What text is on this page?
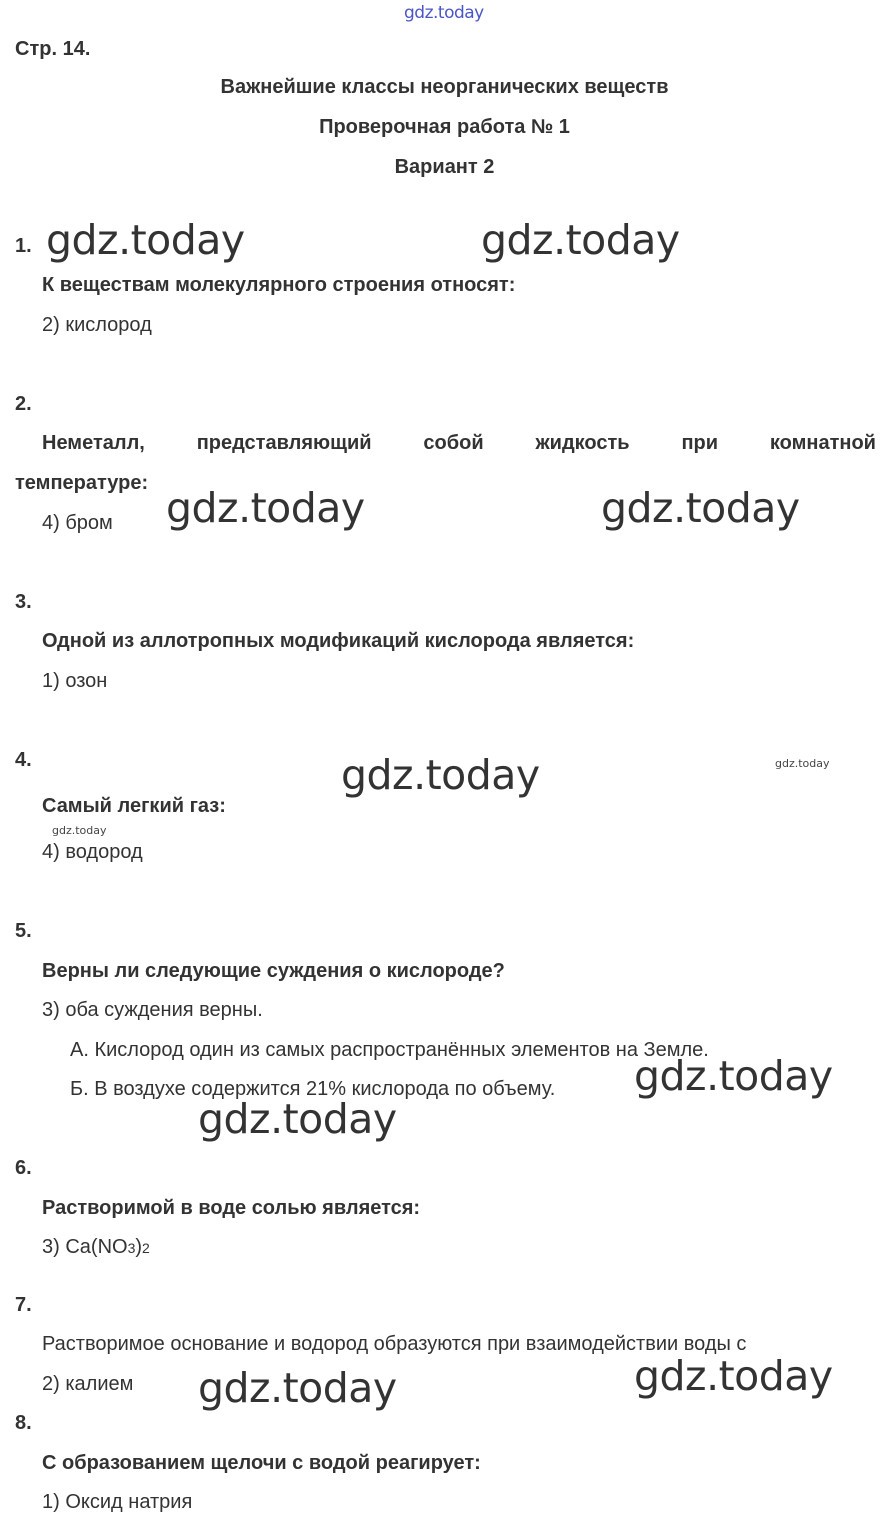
gdz.today
Стр. 14.
Важнейшие классы неорганических веществ
Проверочная работа № 1
Вариант 2
1. gdz.today	gdz.today
К веществам молекулярного строения относят:
2) кислород
2.
Неметалл,	представляющий	собой	жидкость	при	комнатной
температуре:
4) бром gdz.today	gdz.today
3.
Одной из аллотропных модификаций кислорода является:
1) озон
4.	gdz.today	gdz.today
Самый легкий газ:
gdz.today
4) водород
5.
Верны ли следующие суждения о кислороде?
3) оба суждения верны.
А. Кислород один из самых распространённых элементов на Земле.
Б. В воздухе содержится 21% кислорода по объему. gdz.today
gdz.today
6.
Растворимой в воде солью является:
3) Ca(NO3)2
7.
Растворимое основание и водород образуются при взаимодействии воды с
2) калием	gdz.today
gdz.today
8.
С образованием щелочи с водой реагирует:
1) Оксид натрия
